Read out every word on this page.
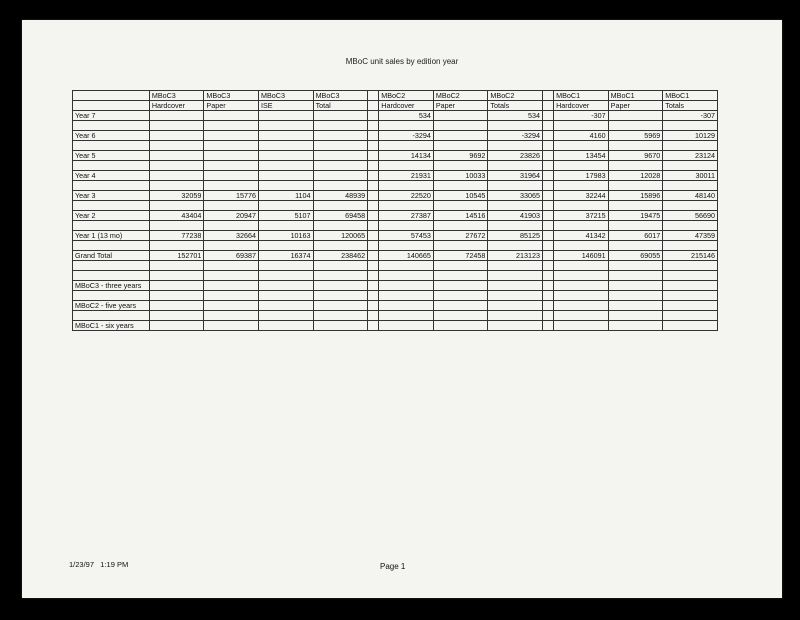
MBoC unit sales by edition year
	MBoC3	MBoC3	MBoC3	MBoC3		MBoC2	MBoC2	MBoC2		MBoC1	MBoC1	MBoC1
	Hardcover	Paper	ISE	Total		Hardcover	Paper	Totals		Hardcover	Paper	Totals
Year 7						534		534		-307		-307

Year 6						-3294		-3294		4160	5969	10129

Year 5						14134	9692	23826		13454	9670	23124

Year 4						21931	10033	31964		17983	12028	30011

Year 3	32059	15776	1104	48939		22520	10545	33065		32244	15896	48140

Year 2	43404	20947	5107	69458		27387	14516	41903		37215	19475	56690

Year 1 (13 mo)	77238	32664	10163	120065		57453	27672	85125		41342	6017	47359

Grand Total	152701	69387	16374	238462		140665	72458	213123		146091	69055	215146

MBoC3 - three years												

MBoC2 - five years												

MBoC1 - six years												
1/23/97 1:19 PM	Page 1
